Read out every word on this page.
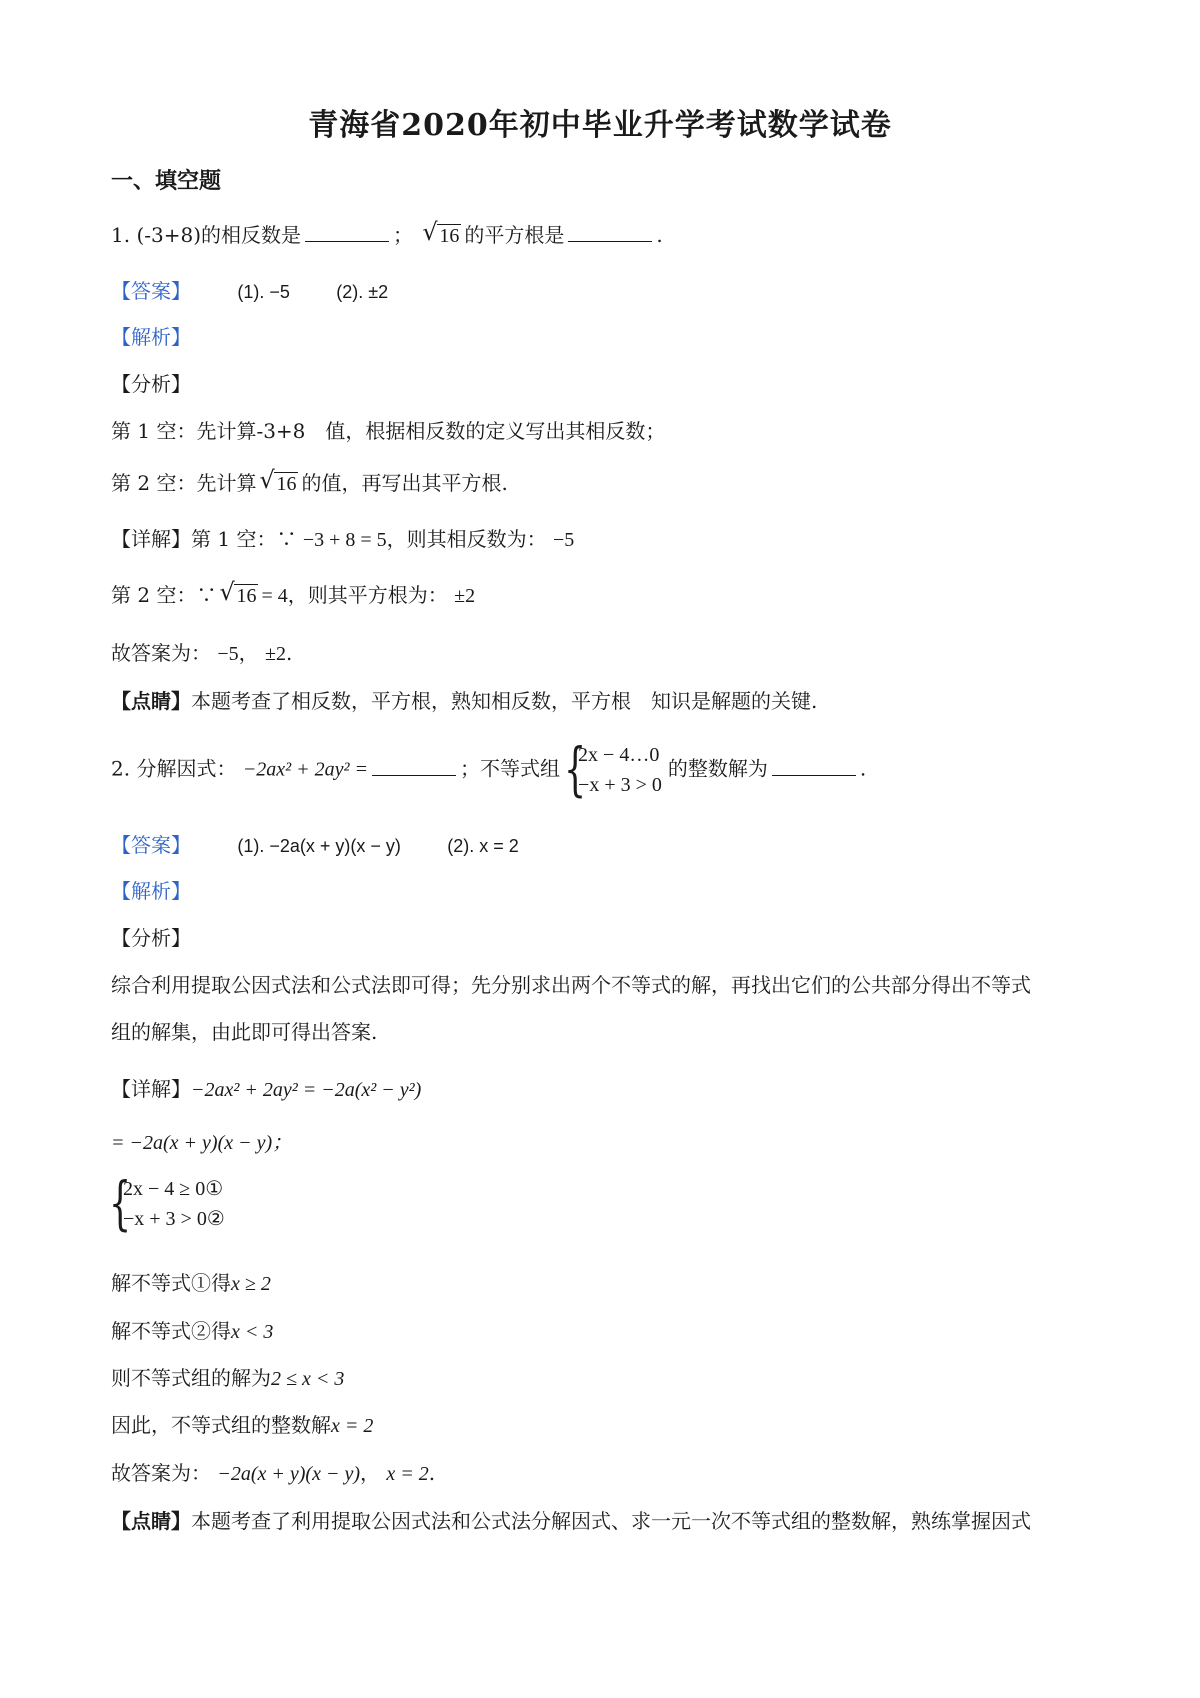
青海省2020年初中毕业升学考试数学试卷
一、填空题
1. (-3+8)的相反数是	； √ 16 的平方根是	.
【答案】	(1). −5	(2). ±2
【解析】
【分析】
第 1 空：先计算-3+8　值，根据相反数的定义写出其相反数；
第 2 空：先计算 √ 16 的值，再写出其平方根.
【详解】第 1 空：∵ −3 + 8 = 5，则其相反数为： −5
第 2 空：∵ √ 16 = 4，则其平方根为： ±2
故答案为： −5， ±2.
【点睛】本题考查了相反数，平方根，熟知相反数，平方根　知识是解题的关键.
2. 分解因式： −2ax² + 2ay² =	；不等式组 {
2x − 4…0
−x + 3 > 0
的整数解为	.
【答案】	(1). −2a(x + y)(x − y)	(2). x = 2
【解析】
【分析】
综合利用提取公因式法和公式法即可得；先分别求出两个不等式的解，再找出它们的公共部分得出不等式
组的解集，由此即可得出答案.
【详解】−2ax² + 2ay² = −2a(x² − y²)
= −2a(x + y)(x − y)；
{
2x − 4 ≥ 0①
−x + 3 > 0②
解不等式①得x ≥ 2
解不等式②得x < 3
则不等式组的解为2 ≤ x < 3
因此，不等式组的整数解x = 2
故答案为： −2a(x + y)(x − y)， x = 2.
【点睛】本题考查了利用提取公因式法和公式法分解因式、求一元一次不等式组的整数解，熟练掌握因式
